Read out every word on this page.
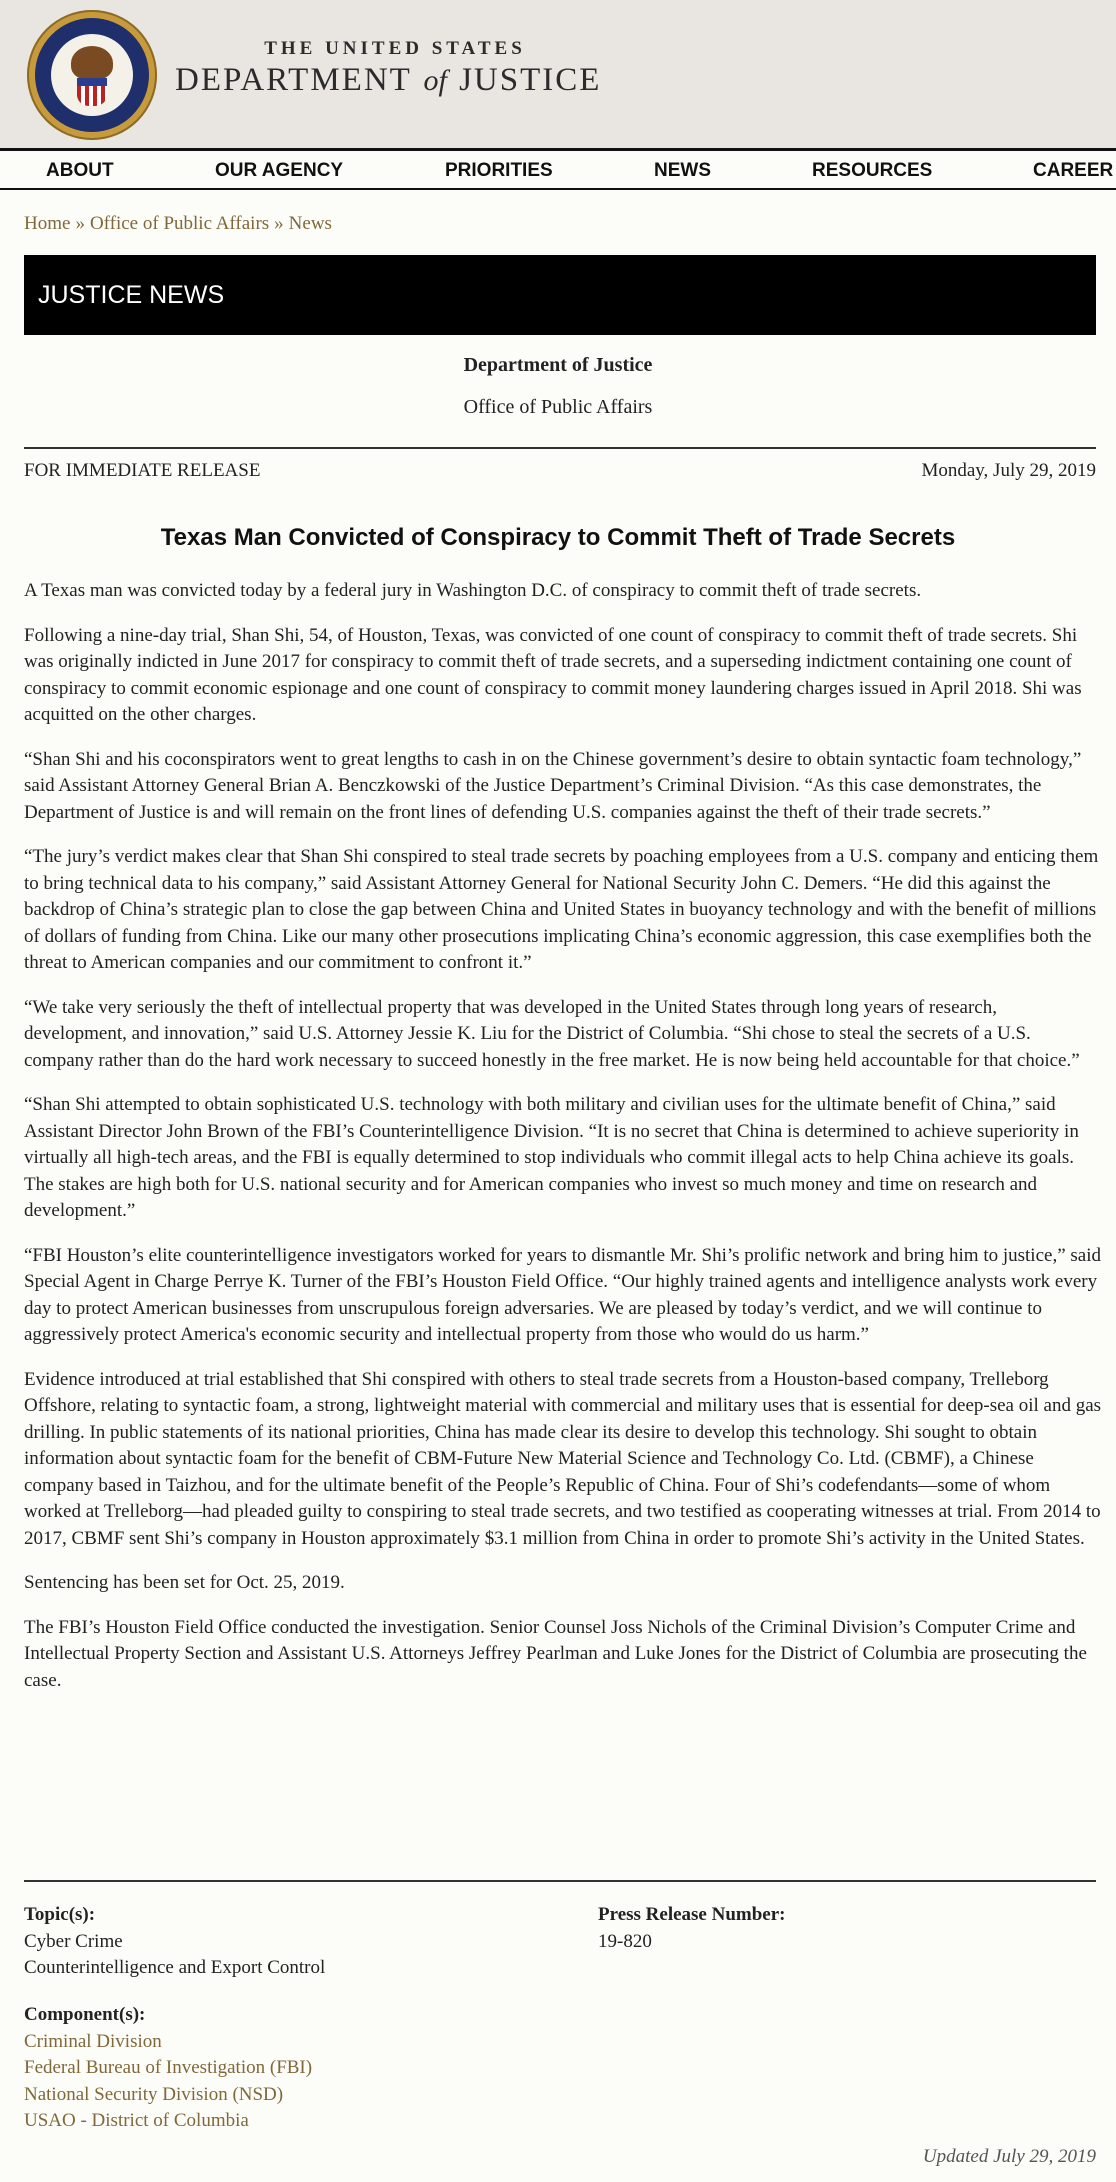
THE UNITED STATES
DEPARTMENT of JUSTICE
ABOUT	OUR AGENCY	PRIORITIES	NEWS	RESOURCES	CAREER
Home » Office of Public Affairs » News
JUSTICE NEWS
Department of Justice
Office of Public Affairs
FOR IMMEDIATE RELEASE	Monday, July 29, 2019
Texas Man Convicted of Conspiracy to Commit Theft of Trade Secrets

A Texas man was convicted today by a federal jury in Washington D.C. of conspiracy to commit theft of trade secrets.

Following a nine-day trial, Shan Shi, 54, of Houston, Texas, was convicted of one count of conspiracy to commit theft of trade secrets. Shi was originally indicted in June 2017 for conspiracy to commit theft of trade secrets, and a superseding indictment containing one count of conspiracy to commit economic espionage and one count of conspiracy to commit money laundering charges issued in April 2018. Shi was acquitted on the other charges.

“Shan Shi and his coconspirators went to great lengths to cash in on the Chinese government’s desire to obtain syntactic foam technology,” said Assistant Attorney General Brian A. Benczkowski of the Justice Department’s Criminal Division. “As this case demonstrates, the Department of Justice is and will remain on the front lines of defending U.S. companies against the theft of their trade secrets.”

“The jury’s verdict makes clear that Shan Shi conspired to steal trade secrets by poaching employees from a U.S. company and enticing them to bring technical data to his company,” said Assistant Attorney General for National Security John C. Demers. “He did this against the backdrop of China’s strategic plan to close the gap between China and United States in buoyancy technology and with the benefit of millions of dollars of funding from China. Like our many other prosecutions implicating China’s economic aggression, this case exemplifies both the threat to American companies and our commitment to confront it.”

“We take very seriously the theft of intellectual property that was developed in the United States through long years of research, development, and innovation,” said U.S. Attorney Jessie K. Liu for the District of Columbia. “Shi chose to steal the secrets of a U.S. company rather than do the hard work necessary to succeed honestly in the free market. He is now being held accountable for that choice.”

“Shan Shi attempted to obtain sophisticated U.S. technology with both military and civilian uses for the ultimate benefit of China,” said Assistant Director John Brown of the FBI’s Counterintelligence Division. “It is no secret that China is determined to achieve superiority in virtually all high-tech areas, and the FBI is equally determined to stop individuals who commit illegal acts to help China achieve its goals. The stakes are high both for U.S. national security and for American companies who invest so much money and time on research and development.”

“FBI Houston’s elite counterintelligence investigators worked for years to dismantle Mr. Shi’s prolific network and bring him to justice,” said Special Agent in Charge Perrye K. Turner of the FBI’s Houston Field Office. “Our highly trained agents and intelligence analysts work every day to protect American businesses from unscrupulous foreign adversaries. We are pleased by today’s verdict, and we will continue to aggressively protect America's economic security and intellectual property from those who would do us harm.”

Evidence introduced at trial established that Shi conspired with others to steal trade secrets from a Houston-based company, Trelleborg Offshore, relating to syntactic foam, a strong, lightweight material with commercial and military uses that is essential for deep-sea oil and gas drilling. In public statements of its national priorities, China has made clear its desire to develop this technology. Shi sought to obtain information about syntactic foam for the benefit of CBM-Future New Material Science and Technology Co. Ltd. (CBMF), a Chinese company based in Taizhou, and for the ultimate benefit of the People’s Republic of China. Four of Shi’s codefendants—some of whom worked at Trelleborg—had pleaded guilty to conspiring to steal trade secrets, and two testified as cooperating witnesses at trial. From 2014 to 2017, CBMF sent Shi’s company in Houston approximately $3.1 million from China in order to promote Shi’s activity in the United States.

Sentencing has been set for Oct. 25, 2019.

The FBI’s Houston Field Office conducted the investigation. Senior Counsel Joss Nichols of the Criminal Division’s Computer Crime and Intellectual Property Section and Assistant U.S. Attorneys Jeffrey Pearlman and Luke Jones for the District of Columbia are prosecuting the case.

Topic(s):
Cyber Crime
Counterintelligence and Export Control
Press Release Number:
19-820
Component(s):
Criminal Division
Federal Bureau of Investigation (FBI)
National Security Division (NSD)
USAO - District of Columbia
Updated July 29, 2019
